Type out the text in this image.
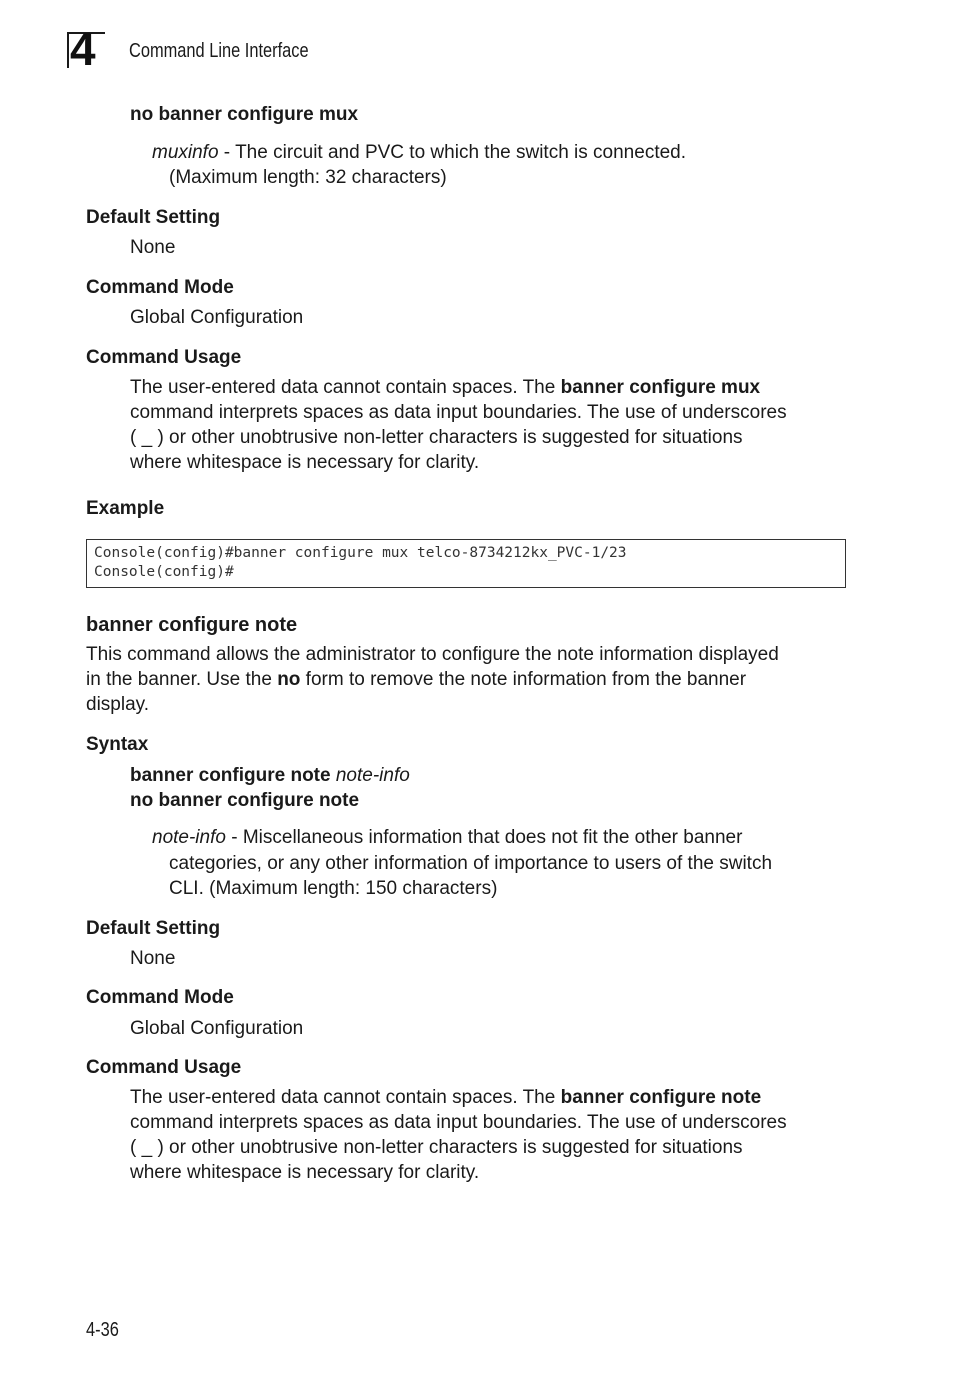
4 Command Line Interface
no banner configure mux
muxinfo - The circuit and PVC to which the switch is connected.
(Maximum length: 32 characters)
Default Setting
None
Command Mode
Global Configuration
Command Usage
The user-entered data cannot contain spaces. The banner configure mux
command interprets spaces as data input boundaries. The use of underscores
( _ ) or other unobtrusive non-letter characters is suggested for situations
where whitespace is necessary for clarity.
Example
Console(config)#banner configure mux telco-8734212kx_PVC-1/23
Console(config)#
banner configure note
This command allows the administrator to configure the note information displayed
in the banner. Use the no form to remove the note information from the banner
display.
Syntax
banner configure note note-info
no banner configure note
note-info - Miscellaneous information that does not fit the other banner
categories, or any other information of importance to users of the switch
CLI. (Maximum length: 150 characters)
Default Setting
None
Command Mode
Global Configuration
Command Usage
The user-entered data cannot contain spaces. The banner configure note
command interprets spaces as data input boundaries. The use of underscores
( _ ) or other unobtrusive non-letter characters is suggested for situations
where whitespace is necessary for clarity.
4-36
